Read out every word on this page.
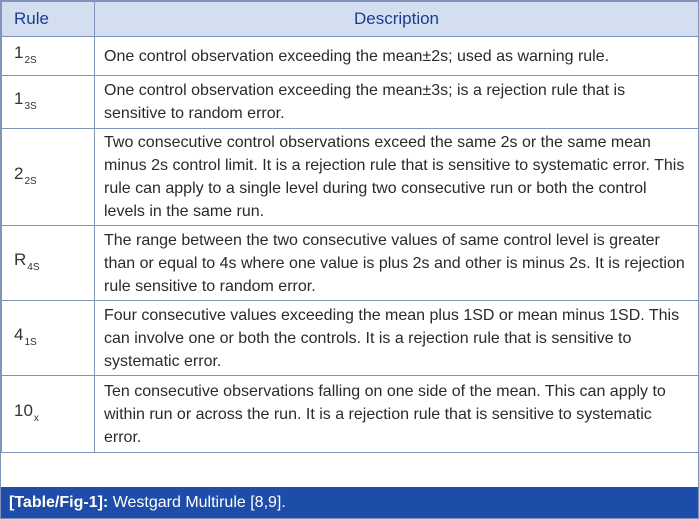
Rule	Description
$1_{2S}$	One control observation exceeding the mean±2s; used as warning rule.
$1_{3S}$	One control observation exceeding the mean±3s; is a rejection rule that is sensitive to random error.
$2_{2S}$	Two consecutive control observations exceed the same 2s or the same mean minus 2s control limit. It is a rejection rule that is sensitive to systematic error. This rule can apply to a single level during two consecutive run or both the control levels in the same run.
$R_{4S}$	The range between the two consecutive values of same control level is greater than or equal to 4s where one value is plus 2s and other is minus 2s. It is rejection rule sensitive to random error.
$4_{1S}$	Four consecutive values exceeding the mean plus 1SD or mean minus 1SD. This can involve one or both the controls. It is a rejection rule that is sensitive to systematic error.
$10_x$	Ten consecutive observations falling on one side of the mean. This can apply to within run or across the run. It is a rejection rule that is sensitive to systematic error.
[Table/Fig-1]: Westgard Multirule [8,9].
